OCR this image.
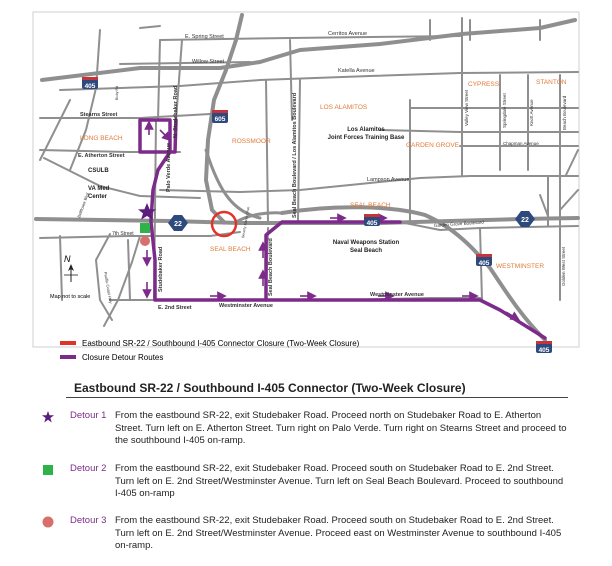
N
Map not to scale
405
605
22
22
405
405
405
E. Spring Street	Cerritos Avenue
Willow Street
Katella Avenue
Stearns Street
E. Atherton Street
Lampson Avenue
7th Street
E. 2nd Street	Westminster Avenue
Westminster Avenue
Chapman Avenue
Garden Grove Boulevard
N. Studebaker Road
Palo Verde Avenue
Studebaker Road
Seal Beach Boulevard / Los Alamitos Boulevard
Seal Beach Boulevard
Valley View Street	Springdale Street	Knott Avenue	Beach Boulevard
Golden West Street
Bellflower Blvd
Pacific Coast Hwy
Beverly Manor Drive
Bixby Rd
LONG BEACH	ROSSMOOR
LOS ALAMITOS
CYPRESS	STANTON
GARDEN GROVE
SEAL BEACH
SEAL BEACH
WESTMINSTER
CSULB
VA Med
Center
Los Alamitos
Joint Forces Training Base
Naval Weapons Station
Seal Beach
Eastbound SR-22 / Southbound I-405 Connector Closure (Two-Week Closure)
Closure Detour Routes
Eastbound SR-22 / Southbound I-405 Connector (Two-Week Closure)
Detour 1 From the eastbound SR-22, exit Studebaker Road. Proceed north on Studebaker Road to E. Atherton Street. Turn left on E. Atherton Street. Turn right on Palo Verde. Turn right on Stearns Street and proceed to the southbound I-405 on-ramp.
Detour 2 From the eastbound SR-22, exit Studebaker Road. Proceed south on Studebaker Road to E. 2nd Street. Turn left on E. 2nd Street/Westminster Avenue. Turn left on Seal Beach Boulevard. Proceed to southbound I-405 on-ramp
Detour 3 From the eastbound SR-22, exit Studebaker Road. Proceed south on Studebaker Road to E. 2nd Street. Turn left on E. 2nd Street/Westminster Avenue. Proceed east on Westminster Avenue to southbound I-405 on-ramp.
